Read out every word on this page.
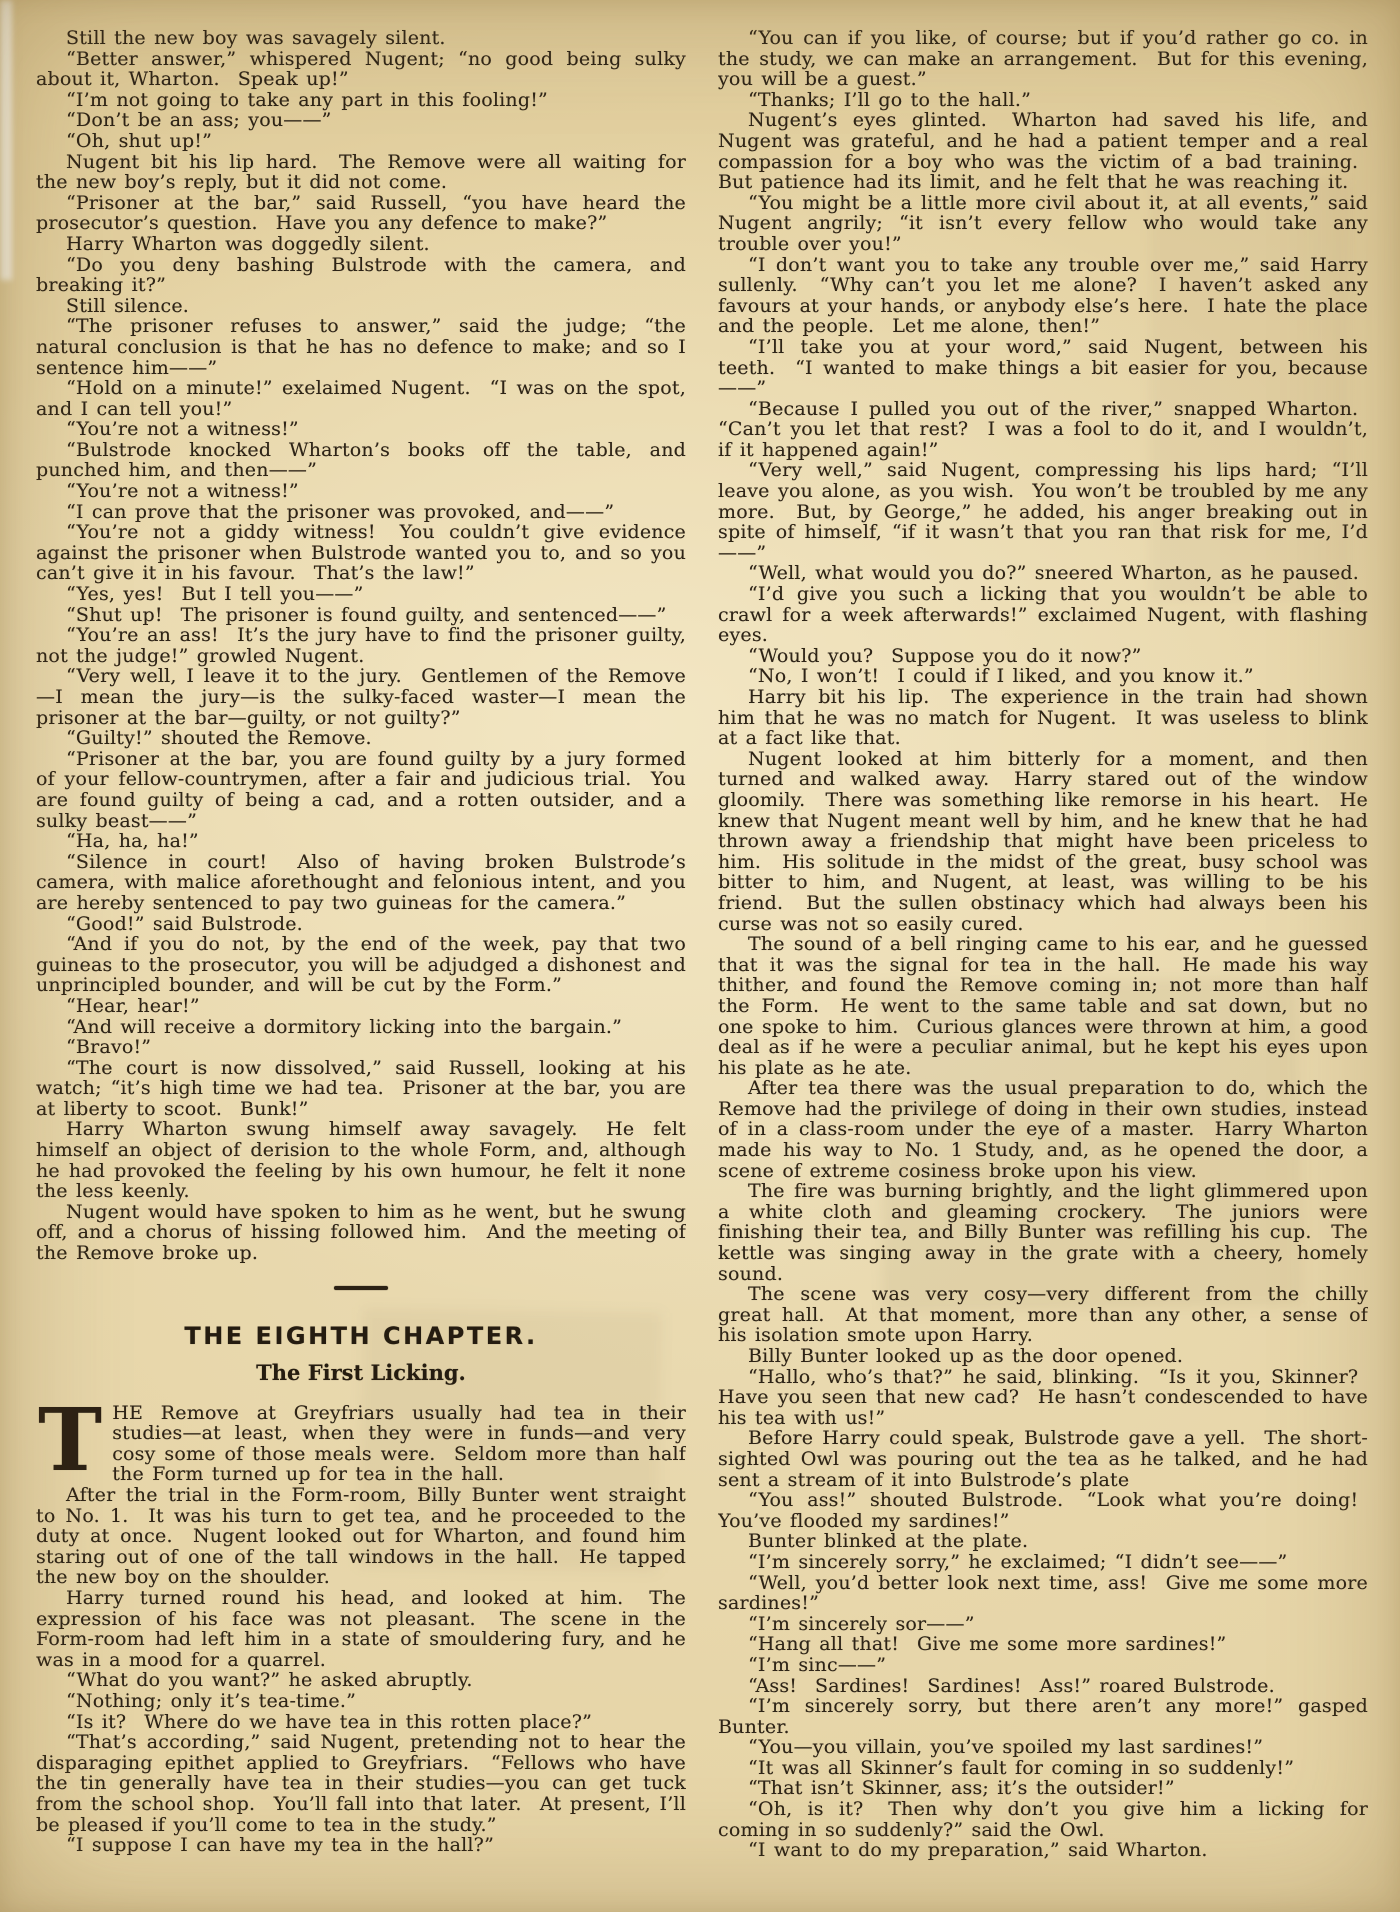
Still the new boy was savagely silent.

“Better answer,” whispered Nugent; “no good being sulky about it, Wharton.  Speak up!”

“I’m not going to take any part in this fooling!”

“Don’t be an ass; you——”

“Oh, shut up!”

Nugent bit his lip hard.  The Remove were all waiting for the new boy’s reply, but it did not come.

“Prisoner at the bar,” said Russell, “you have heard the prosecutor’s question.  Have you any defence to make?”

Harry Wharton was doggedly silent.

“Do you deny bashing Bulstrode with the camera, and breaking it?”

Still silence.

“The prisoner refuses to answer,” said the judge; “the natural conclusion is that he has no defence to make; and so I sentence him——”

“Hold on a minute!” exelaimed Nugent.  “I was on the spot, and I can tell you!”

“You’re not a witness!”

“Bulstrode knocked Wharton’s books off the table, and punched him, and then——”

“You’re not a witness!”

“I can prove that the prisoner was provoked, and——”

“You’re not a giddy witness!  You couldn’t give evidence against the prisoner when Bulstrode wanted you to, and so you can’t give it in his favour.  That’s the law!”

“Yes, yes!  But I tell you——”

“Shut up!  The prisoner is found guilty, and sentenced——”

“You’re an ass!  It’s the jury have to find the prisoner guilty, not the judge!” growled Nugent.

“Very well, I leave it to the jury.  Gentlemen of the Remove—I mean the jury—is the sulky-faced waster—I mean the prisoner at the bar—guilty, or not guilty?”

“Guilty!” shouted the Remove.

“Prisoner at the bar, you are found guilty by a jury formed of your fellow-countrymen, after a fair and judicious trial.  You are found guilty of being a cad, and a rotten outsider, and a sulky beast——”

“Ha, ha, ha!”

“Silence in court!  Also of having broken Bulstrode’s camera, with malice aforethought and felonious intent, and you are hereby sentenced to pay two guineas for the camera.”

“Good!” said Bulstrode.

“And if you do not, by the end of the week, pay that two guineas to the prosecutor, you will be adjudged a dishonest and unprincipled bounder, and will be cut by the Form.”

“Hear, hear!”

“And will receive a dormitory licking into the bargain.”

“Bravo!”

“The court is now dissolved,” said Russell, looking at his watch; “it’s high time we had tea.  Prisoner at the bar, you are at liberty to scoot.  Bunk!”

Harry Wharton swung himself away savagely.  He felt himself an object of derision to the whole Form, and, although he had provoked the feeling by his own humour, he felt it none the less keenly.

Nugent would have spoken to him as he went, but he swung off, and a chorus of hissing followed him.  And the meeting of the Remove broke up.

THE EIGHTH CHAPTER.
The First Licking.

THE Remove at Greyfriars usually had tea in their studies—at least, when they were in funds—and very cosy some of those meals were.  Seldom more than half the Form turned up for tea in the hall.

After the trial in the Form-room, Billy Bunter went straight to No. 1.  It was his turn to get tea, and he proceeded to the duty at once.  Nugent looked out for Wharton, and found him staring out of one of the tall windows in the hall.  He tapped the new boy on the shoulder.

Harry turned round his head, and looked at him.  The expression of his face was not pleasant.  The scene in the Form-room had left him in a state of smouldering fury, and he was in a mood for a quarrel.

“What do you want?” he asked abruptly.

“Nothing; only it’s tea-time.”

“Is it?  Where do we have tea in this rotten place?”

“That’s according,” said Nugent, pretending not to hear the disparaging epithet applied to Greyfriars.  “Fellows who have the tin generally have tea in their studies—you can get tuck from the school shop.  You’ll fall into that later.  At present, I’ll be pleased if you’ll come to tea in the study.”

“I suppose I can have my tea in the hall?”

“You can if you like, of course; but if you’d rather go co. in the study, we can make an arrangement.  But for this evening, you will be a guest.”

“Thanks; I’ll go to the hall.”

Nugent’s eyes glinted.  Wharton had saved his life, and Nugent was grateful, and he had a patient temper and a real compassion for a boy who was the victim of a bad training.  But patience had its limit, and he felt that he was reaching it.

“You might be a little more civil about it, at all events,” said Nugent angrily; “it isn’t every fellow who would take any trouble over you!”

“I don’t want you to take any trouble over me,” said Harry sullenly.  “Why can’t you let me alone?  I haven’t asked any favours at your hands, or anybody else’s here.  I hate the place and the people.  Let me alone, then!”

“I’ll take you at your word,” said Nugent, between his teeth.  “I wanted to make things a bit easier for you, because——”

“Because I pulled you out of the river,” snapped Wharton.  “Can’t you let that rest?  I was a fool to do it, and I wouldn’t, if it happened again!”

“Very well,” said Nugent, compressing his lips hard; “I’ll leave you alone, as you wish.  You won’t be troubled by me any more.  But, by George,” he added, his anger breaking out in spite of himself, “if it wasn’t that you ran that risk for me, I’d——”

“Well, what would you do?” sneered Wharton, as he paused.

“I’d give you such a licking that you wouldn’t be able to crawl for a week afterwards!” exclaimed Nugent, with flashing eyes.

“Would you?  Suppose you do it now?”

“No, I won’t!  I could if I liked, and you know it.”

Harry bit his lip.  The experience in the train had shown him that he was no match for Nugent.  It was useless to blink at a fact like that.

Nugent looked at him bitterly for a moment, and then turned and walked away.  Harry stared out of the window gloomily.  There was something like remorse in his heart.  He knew that Nugent meant well by him, and he knew that he had thrown away a friendship that might have been priceless to him.  His solitude in the midst of the great, busy school was bitter to him, and Nugent, at least, was willing to be his friend.  But the sullen obstinacy which had always been his curse was not so easily cured.

The sound of a bell ringing came to his ear, and he guessed that it was the signal for tea in the hall.  He made his way thither, and found the Remove coming in; not more than half the Form.  He went to the same table and sat down, but no one spoke to him.  Curious glances were thrown at him, a good deal as if he were a peculiar animal, but he kept his eyes upon his plate as he ate.

After tea there was the usual preparation to do, which the Remove had the privilege of doing in their own studies, instead of in a class-room under the eye of a master.  Harry Wharton made his way to No. 1 Study, and, as he opened the door, a scene of extreme cosiness broke upon his view.

The fire was burning brightly, and the light glimmered upon a white cloth and gleaming crockery.  The juniors were finishing their tea, and Billy Bunter was refilling his cup.  The kettle was singing away in the grate with a cheery, homely sound.

The scene was very cosy—very different from the chilly great hall.  At that moment, more than any other, a sense of his isolation smote upon Harry.

Billy Bunter looked up as the door opened.

“Hallo, who’s that?” he said, blinking.  “Is it you, Skinner?  Have you seen that new cad?  He hasn’t condescended to have his tea with us!”

Before Harry could speak, Bulstrode gave a yell.  The short-sighted Owl was pouring out the tea as he talked, and he had sent a stream of it into Bulstrode’s plate

“You ass!” shouted Bulstrode.  “Look what you’re doing!  You’ve flooded my sardines!”

Bunter blinked at the plate.

“I’m sincerely sorry,” he exclaimed; “I didn’t see——”

“Well, you’d better look next time, ass!  Give me some more sardines!”

“I’m sincerely sor——”

“Hang all that!  Give me some more sardines!”

“I’m sinc——”

“Ass!  Sardines!  Sardines!  Ass!” roared Bulstrode.

“I’m sincerely sorry, but there aren’t any more!” gasped Bunter.

“You—you villain, you’ve spoiled my last sardines!”

“It was all Skinner’s fault for coming in so suddenly!”

“That isn’t Skinner, ass; it’s the outsider!”

“Oh, is it?  Then why don’t you give him a licking for coming in so suddenly?” said the Owl.

“I want to do my preparation,” said Wharton.
